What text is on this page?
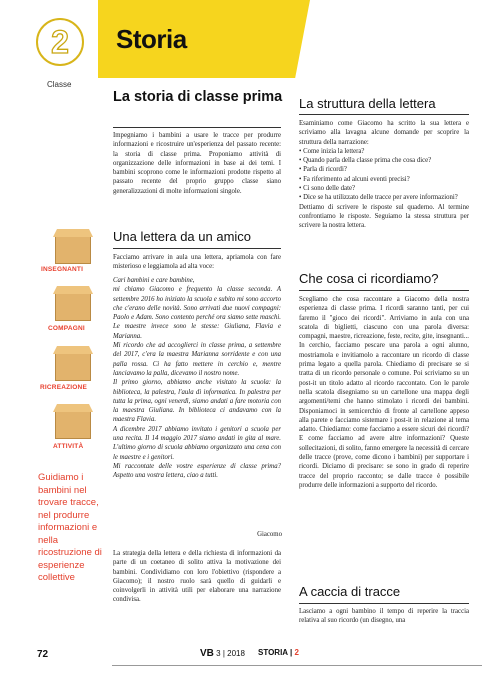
2 Storia
Classe
INSEGNANTI
COMPAGNI
RICREAZIONE
ATTIVITÀ
Guidiamo i bambini nel trovare tracce, nel produrre informazioni e nella ricostruzione di esperienze collettive
La storia di classe prima

Impegniamo i bambini a usare le tracce per produrre informazioni e ricostruire un'esperienza del passato recente: la storia di classe prima. Proponiamo attività di organizzazione delle informazioni in base ai dei temi. I bambini scoprono come le informazioni prodotte rispetto al passato recente del proprio gruppo classe siano generalizzazioni di molte informazioni singole.

Una lettera da un amico

Facciamo arrivare in aula una lettera, apriamola con fare misterioso e leggiamola ad alta voce:

Cari bambini e care bambine,
mi chiamo Giacomo e frequento la classe seconda. A settembre 2016 ho iniziato la scuola e subito mi sono accorto che c'erano delle novità. Sono arrivati due nuovi compagni: Paolo e Adam. Sono contento perché ora siamo sette maschi. Le maestre invece sono le stesse: Giuliana, Flavia e Marianna.
Mi ricordo che ad accoglierci in classe prima, a settembre del 2017, c'era la maestra Marianna sorridente e con una palla rossa. Ci ha fatto mettere in cerchio e, mentre lanciavamo la palla, dicevamo il nostro nome.
Il primo giorno, abbiamo anche visitato la scuola: la biblioteca, la palestra, l'aula di informatica. In palestra per tutta la prima, ogni venerdì, siamo andati a fare motoria con la maestra Giuliana. In biblioteca ci andavamo con la maestra Flavia.
A dicembre 2017 abbiamo invitato i genitori a scuola per una recita. Il 14 maggio 2017 siamo andati in gita al mare. L'ultimo giorno di scuola abbiamo organizzato una cena con le maestre e i genitori.
Mi raccontate delle vostre esperienze di classe prima? Aspetto una vostra lettera, ciao a tutti.
Giacomo

La strategia della lettera e della richiesta di informazioni da parte di un coetaneo di solito attiva la motivazione dei bambini. Condividiamo con loro l'obiettivo (rispondere a Giacomo); il nostro ruolo sarà quello di guidarli e coinvolgerli in attività utili per elaborare una narrazione condivisa.

La struttura della lettera
Esaminiamo come Giacomo ha scritto la sua lettera e scriviamo alla lavagna alcune domande per scoprire la struttura della narrazione:
• Come inizia la lettera?
• Quando parla della classe prima che cosa dice?
• Parla di ricordi?
• Fa riferimento ad alcuni eventi precisi?
• Ci sono delle date?
• Dice se ha utilizzato delle tracce per avere informazioni?
Dettiamo di scrivere le risposte sul quaderno. Al termine confrontiamo le risposte. Seguiamo la stessa struttura per scrivere la nostra lettera.
Che cosa ci ricordiamo?

Scegliamo che cosa raccontare a Giacomo della nostra esperienza di classe prima. I ricordi saranno tanti, per cui faremo il "gioco dei ricordi". Arriviamo in aula con una scatola di biglietti, ciascuno con una parola diversa: compagni, maestre, ricreazione, feste, recite, gite, insegnanti... In cerchio, facciamo pescare una parola a ogni alunno, mostriamola e invitiamolo a raccontare un ricordo di classe prima legato a quella parola. Chiediamo di precisare se si tratta di un ricordo personale o comune. Poi scriviamo su un post-it un titolo adatto al ricordo raccontato. Con le parole nella scatola disegniamo su un cartellone una mappa degli argomenti/temi che hanno stimolato i ricordi dei bambini. Disponiamoci in semicerchio di fronte al cartellone appeso alla parete e facciamo sistemare i post-it in relazione al tema adatto. Chiediamo: come facciamo a essere sicuri dei ricordi? E come facciamo ad avere altre informazioni? Queste sollecitazioni, di solito, fanno emergere la necessità di cercare delle tracce (prove, come dicono i bambini) per supportare i ricordi. Diciamo di precisare: se sono in grado di reperire tracce del proprio racconto; se dalle tracce è possibile produrre delle informazioni a supporto del ricordo.

A caccia di tracce

Lasciamo a ogni bambino il tempo di reperire la traccia relativa al suo ricordo (un disegno, una

72	VB 3 | 2018 STORIA | 2
